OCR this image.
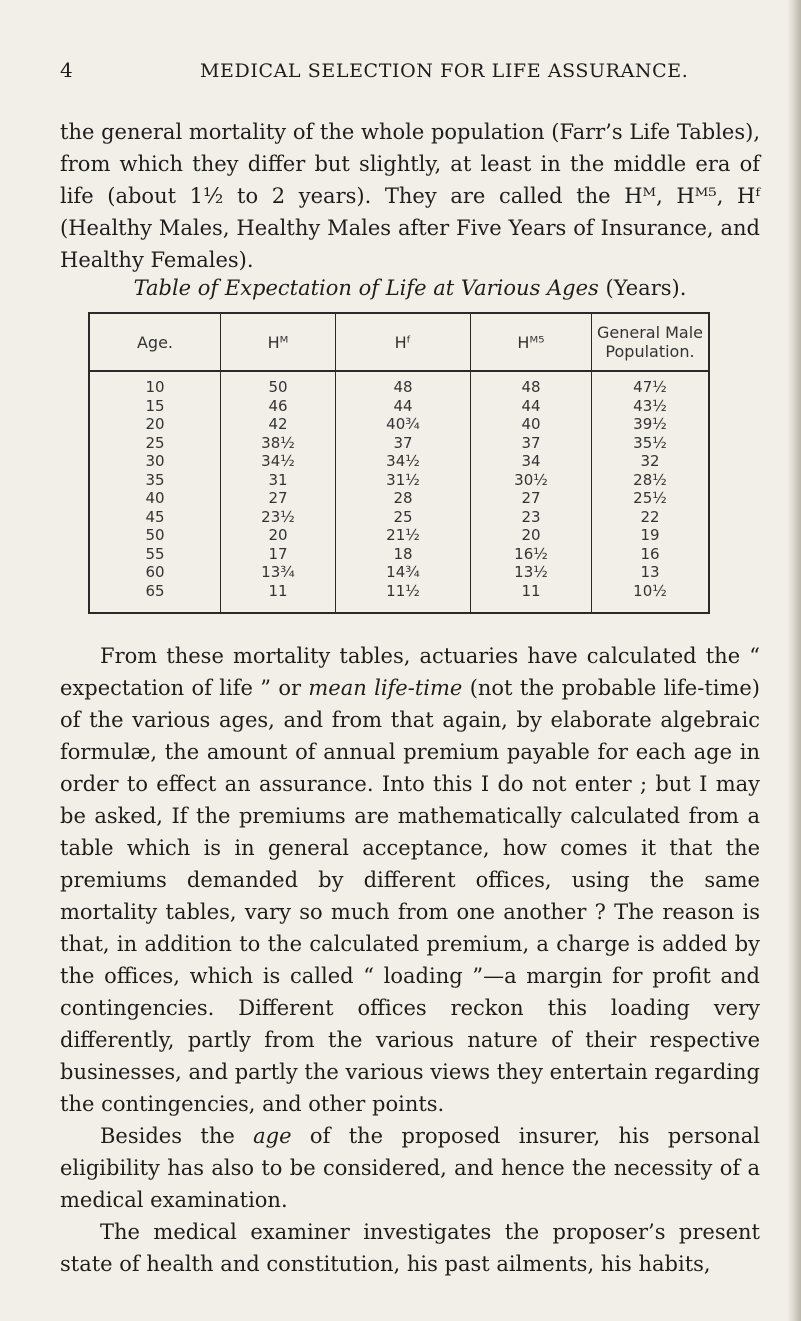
4	MEDICAL SELECTION FOR LIFE ASSURANCE.

the general mortality of the whole population (Farr’s Life Tables), from which they differ but slightly, at least in the middle era of life (about 1½ to 2 years). They are called the Hᴹ, Hᴹ⁵, Hᶠ (Healthy Males, Healthy Males after Five Years of Insurance, and Healthy Females).

Table of Expectation of Life at Various Ages (Years).

Age.	Hᴹ	Hᶠ	Hᴹ⁵	General Male Population.
10	50	48	48	47½
15	46	44	44	43½
20	42	40¾	40	39½
25	38½	37	37	35½
30	34½	34½	34	32
35	31	31½	30½	28½
40	27	28	27	25½
45	23½	25	23	22
50	20	21½	20	19
55	17	18	16½	16
60	13¾	14¾	13½	13
65	11	11½	11	10½

From these mortality tables, actuaries have calculated the “ expectation of life ” or mean life-time (not the probable life-time) of the various ages, and from that again, by elaborate algebraic formulæ, the amount of annual premium payable for each age in order to effect an assurance. Into this I do not enter ; but I may be asked, If the premiums are mathematically calculated from a table which is in general acceptance, how comes it that the premiums demanded by different offices, using the same mortality tables, vary so much from one another ? The reason is that, in addition to the calculated premium, a charge is added by the offices, which is called “ loading ”—a margin for profit and contingencies. Different offices reckon this loading very differently, partly from the various nature of their respective businesses, and partly the various views they entertain regarding the contingencies, and other points.

Besides the age of the proposed insurer, his personal eligibility has also to be considered, and hence the necessity of a medical examination.

The medical examiner investigates the proposer’s present state of health and constitution, his past ailments, his habits,
